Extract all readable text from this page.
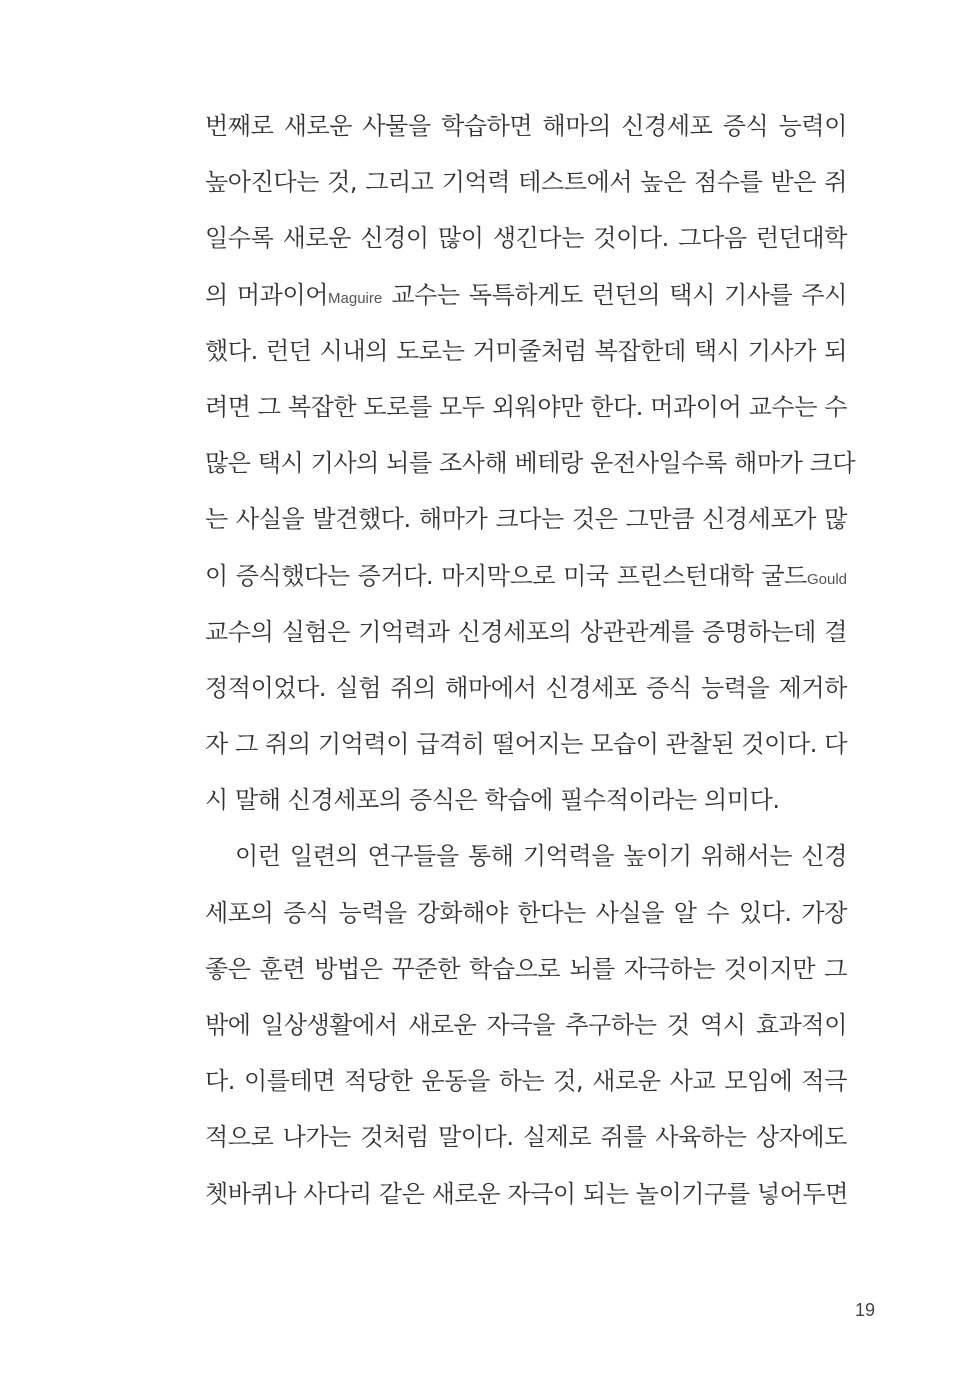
번째로 새로운 사물을 학습하면 해마의 신경세포 증식 능력이
높아진다는 것, 그리고 기억력 테스트에서 높은 점수를 받은 쥐
일수록 새로운 신경이 많이 생긴다는 것이다. 그다음 런던대학
의 머과이어Maguire 교수는 독특하게도 런던의 택시 기사를 주시
했다. 런던 시내의 도로는 거미줄처럼 복잡한데 택시 기사가 되
려면 그 복잡한 도로를 모두 외워야만 한다. 머과이어 교수는 수
많은 택시 기사의 뇌를 조사해 베테랑 운전사일수록 해마가 크다
는 사실을 발견했다. 해마가 크다는 것은 그만큼 신경세포가 많
이 증식했다는 증거다. 마지막으로 미국 프린스턴대학 굴드Gould
교수의 실험은 기억력과 신경세포의 상관관계를 증명하는데 결
정적이었다. 실험 쥐의 해마에서 신경세포 증식 능력을 제거하
자 그 쥐의 기억력이 급격히 떨어지는 모습이 관찰된 것이다. 다
시 말해 신경세포의 증식은 학습에 필수적이라는 의미다.
이런 일련의 연구들을 통해 기억력을 높이기 위해서는 신경
세포의 증식 능력을 강화해야 한다는 사실을 알 수 있다. 가장
좋은 훈련 방법은 꾸준한 학습으로 뇌를 자극하는 것이지만 그
밖에 일상생활에서 새로운 자극을 추구하는 것 역시 효과적이
다. 이를테면 적당한 운동을 하는 것, 새로운 사교 모임에 적극
적으로 나가는 것처럼 말이다. 실제로 쥐를 사육하는 상자에도
쳇바퀴나 사다리 같은 새로운 자극이 되는 놀이기구를 넣어두면
19
